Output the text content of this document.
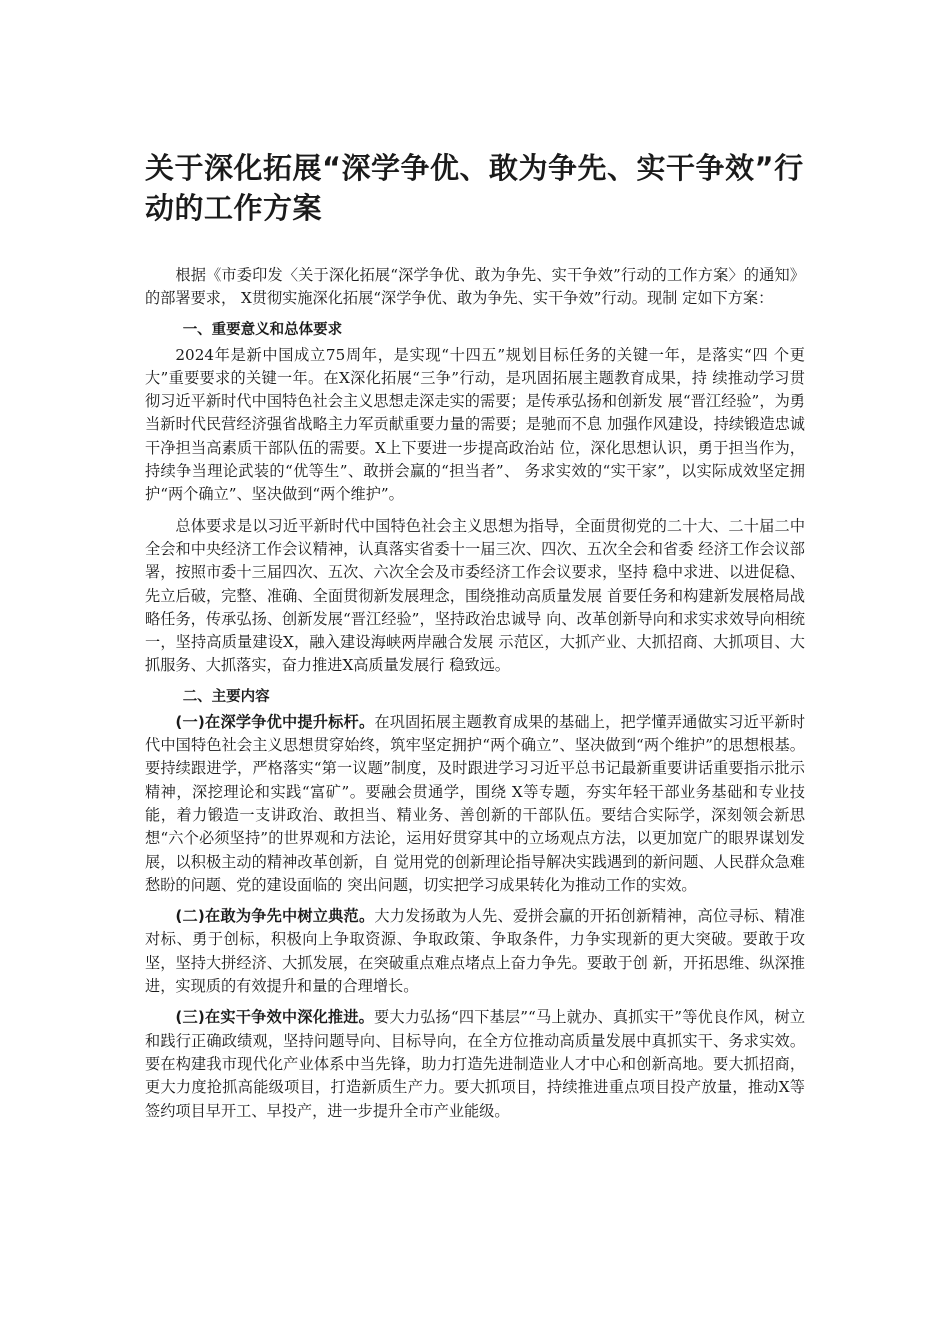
关于深化拓展“深学争优、敢为争先、实干争效”行动的工作方案

根据《市委印发〈关于深化拓展“深学争优、敢为争先、实干争效”行动的工作方案〉的通知》的部署要求， X贯彻实施深化拓展“深学争优、敢为争先、实干争效”行动。现制 定如下方案：

一、重要意义和总体要求

2024年是新中国成立75周年，是实现“十四五”规划目标任务的关键一年，是落实“四 个更大”重要要求的关键一年。在X深化拓展“三争”行动，是巩固拓展主题教育成果，持 续推动学习贯彻习近平新时代中国特色社会主义思想走深走实的需要；是传承弘扬和创新发 展“晋江经验”，为勇当新时代民营经济强省战略主力军贡献重要力量的需要；是驰而不息 加强作风建设，持续锻造忠诚干净担当高素质干部队伍的需要。X上下要进一步提高政治站 位，深化思想认识，勇于担当作为，持续争当理论武装的“优等生”、敢拼会赢的“担当者”、 务求实效的“实干家”，以实际成效坚定拥护“两个确立”、坚决做到“两个维护”。

总体要求是以习近平新时代中国特色社会主义思想为指导，全面贯彻党的二十大、二十届二中全会和中央经济工作会议精神，认真落实省委十一届三次、四次、五次全会和省委 经济工作会议部署，按照市委十三届四次、五次、六次全会及市委经济工作会议要求，坚持 稳中求进、以进促稳、先立后破，完整、准确、全面贯彻新发展理念，围绕推动高质量发展 首要任务和构建新发展格局战略任务，传承弘扬、创新发展“晋江经验”，坚持政治忠诚导 向、改革创新导向和求实求效导向相统一，坚持高质量建设X，融入建设海峡两岸融合发展 示范区，大抓产业、大抓招商、大抓项目、大抓服务、大抓落实，奋力推进X高质量发展行 稳致远。

二、主要内容

(一)在深学争优中提升标杆。在巩固拓展主题教育成果的基础上，把学懂弄通做实习近平新时代中国特色社会主义思想贯穿始终，筑牢坚定拥护“两个确立”、坚决做到“两个维护”的思想根基。要持续跟进学，严格落实“第一议题”制度，及时跟进学习习近平总书记最新重要讲话重要指示批示精神，深挖理论和实践“富矿”。要融会贯通学，围绕 X等专题，夯实年轻干部业务基础和专业技能，着力锻造一支讲政治、敢担当、精业务、善创新的干部队伍。要结合实际学，深刻领会新思想“六个必须坚持”的世界观和方法论，运用好贯穿其中的立场观点方法，以更加宽广的眼界谋划发展，以积极主动的精神改革创新，自 觉用党的创新理论指导解决实践遇到的新问题、人民群众急难愁盼的问题、党的建设面临的 突出问题，切实把学习成果转化为推动工作的实效。

(二)在敢为争先中树立典范。大力发扬敢为人先、爱拼会赢的开拓创新精神，高位寻标、精准对标、勇于创标，积极向上争取资源、争取政策、争取条件，力争实现新的更大突破。要敢于攻坚，坚持大拼经济、大抓发展，在突破重点难点堵点上奋力争先。要敢于创 新，开拓思维、纵深推进，实现质的有效提升和量的合理增长。

(三)在实干争效中深化推进。要大力弘扬“四下基层”“马上就办、真抓实干”等优良作风，树立和践行正确政绩观，坚持问题导向、目标导向，在全方位推动高质量发展中真抓实干、务求实效。要在构建我市现代化产业体系中当先锋，助力打造先进制造业人才中心和创新高地。要大抓招商，更大力度抢抓高能级项目，打造新质生产力。要大抓项目，持续推进重点项目投产放量，推动X等签约项目早开工、早投产，进一步提升全市产业能级。
